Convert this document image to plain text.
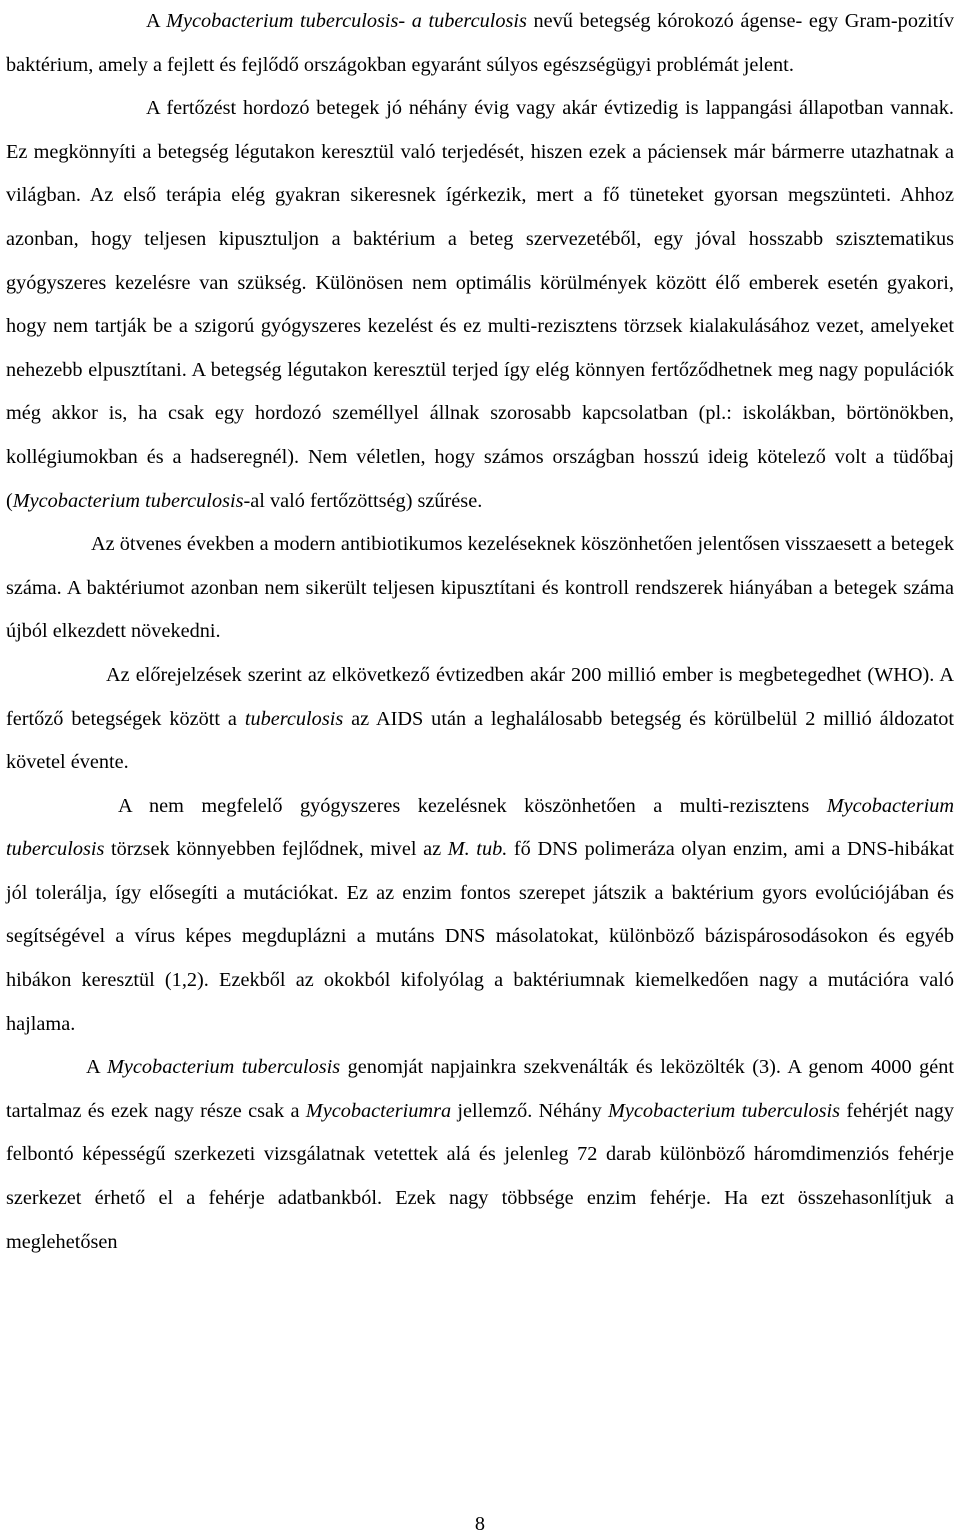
A Mycobacterium tuberculosis- a tuberculosis nevű betegség kórokozó ágense- egy Gram-pozitív baktérium, amely a fejlett és fejlődő országokban egyaránt súlyos egészségügyi problémát jelent.

A fertőzést hordozó betegek jó néhány évig vagy akár évtizedig is lappangási állapotban vannak. Ez megkönnyíti a betegség légutakon keresztül való terjedését, hiszen ezek a páciensek már bármerre utazhatnak a világban. Az első terápia elég gyakran sikeresnek ígérkezik, mert a fő tüneteket gyorsan megszünteti. Ahhoz azonban, hogy teljesen kipusztuljon a baktérium a beteg szervezetéből, egy jóval hosszabb szisztematikus gyógyszeres kezelésre van szükség. Különösen nem optimális körülmények között élő emberek esetén gyakori, hogy nem tartják be a szigorú gyógyszeres kezelést és ez multi-rezisztens törzsek kialakulásához vezet, amelyeket nehezebb elpusztítani. A betegség légutakon keresztül terjed így elég könnyen fertőződhetnek meg nagy populációk még akkor is, ha csak egy hordozó személlyel állnak szorosabb kapcsolatban (pl.: iskolákban, börtönökben, kollégiumokban és a hadseregnél). Nem véletlen, hogy számos országban hosszú ideig kötelező volt a tüdőbaj (Mycobacterium tuberculosis-al való fertőzöttség) szűrése.

Az ötvenes években a modern antibiotikumos kezeléseknek köszönhetően jelentősen visszaesett a betegek száma. A baktériumot azonban nem sikerült teljesen kipusztítani és kontroll rendszerek hiányában a betegek száma újból elkezdett növekedni.

Az előrejelzések szerint az elkövetkező évtizedben akár 200 millió ember is megbetegedhet (WHO). A fertőző betegségek között a tuberculosis az AIDS után a leghalálosabb betegség és körülbelül 2 millió áldozatot követel évente.

A nem megfelelő gyógyszeres kezelésnek köszönhetően a multi-rezisztens Mycobacterium tuberculosis törzsek könnyebben fejlődnek, mivel az M. tub. fő DNS polimeráza olyan enzim, ami a DNS-hibákat jól tolerálja, így elősegíti a mutációkat. Ez az enzim fontos szerepet játszik a baktérium gyors evolúciójában és segítségével a vírus képes megduplázni a mutáns DNS másolatokat, különböző bázispárosodásokon és egyéb hibákon keresztül (1,2). Ezekből az okokból kifolyólag a baktériumnak kiemelkedően nagy a mutációra való hajlama.

A Mycobacterium tuberculosis genomját napjainkra szekvenálták és leközölték (3). A genom 4000 gént tartalmaz és ezek nagy része csak a Mycobacteriumra jellemző. Néhány Mycobacterium tuberculosis fehérjét nagy felbontó képességű szerkezeti vizsgálatnak vetettek alá és jelenleg 72 darab különböző háromdimenziós fehérje szerkezet érhető el a fehérje adatbankból. Ezek nagy többsége enzim fehérje. Ha ezt összehasonlítjuk a meglehetősen

8
